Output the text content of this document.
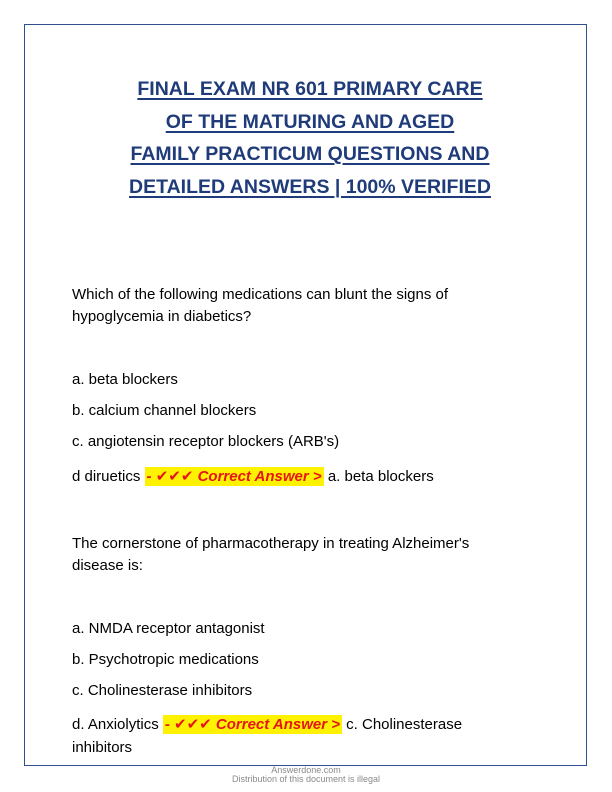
FINAL EXAM NR 601 PRIMARY CARE
OF THE MATURING AND AGED
FAMILY PRACTICUM QUESTIONS AND
DETAILED ANSWERS | 100% VERIFIED
Which of the following medications can blunt the signs of
hypoglycemia in diabetics?
a. beta blockers
b. calcium channel blockers
c. angiotensin receptor blockers (ARB's)
d diruetics - ✔✔✔ Correct Answer > a. beta blockers
The cornerstone of pharmacotherapy in treating Alzheimer's
disease is:
a. NMDA receptor antagonist
b. Psychotropic medications
c. Cholinesterase inhibitors
d. Anxiolytics - ✔✔✔ Correct Answer > c. Cholinesterase
inhibitors
Answerdone.com
Distribution of this document is illegal
